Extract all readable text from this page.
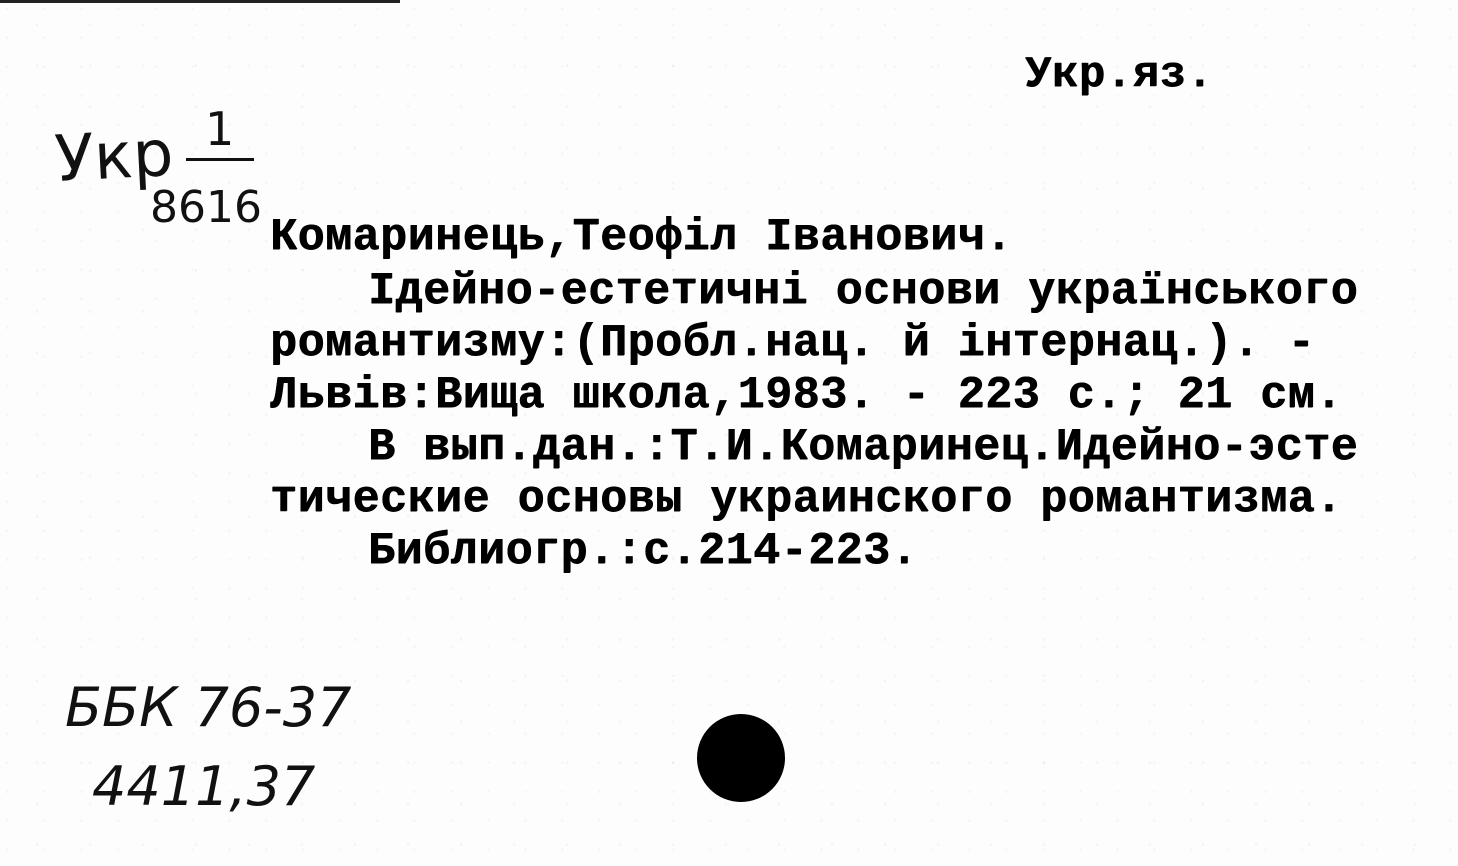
Укр.яз.
Укр 1
8616
Комаринець,Теофіл Іванович.
Ідейно-естетичні основи українського
романтизму:(Пробл.нац. й інтернац.). -
Львів:Вища школа,1983. - 223 с.; 21 см.
В вып.дан.:Т.И.Комаринец.Идейно-эсте
тические основы украинского романтизма.
Библиогр.:с.214-223.
ББК 76-37
4411,37
